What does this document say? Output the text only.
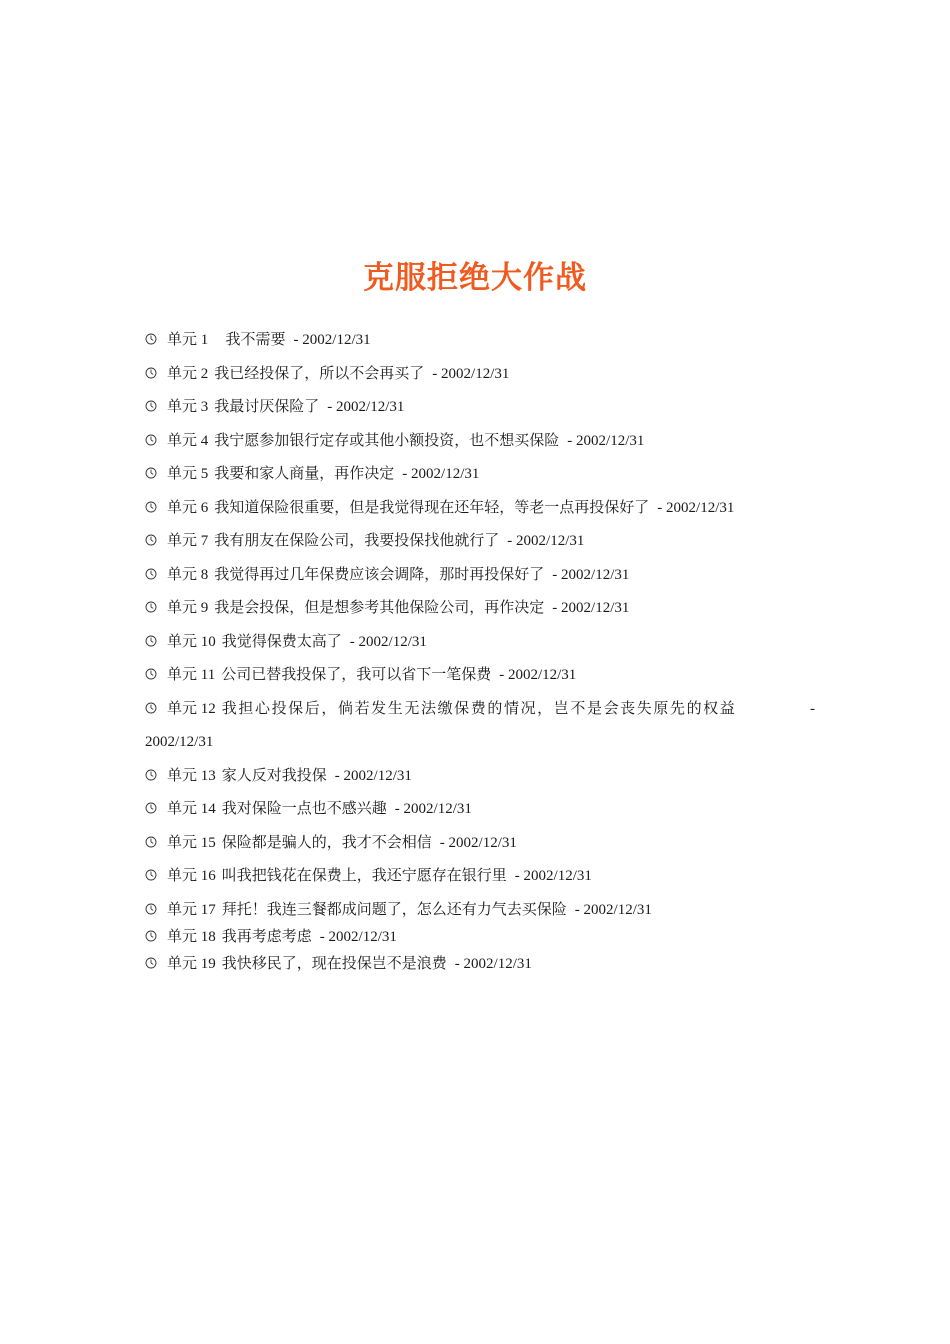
克服拒绝大作战
单元 1   我不需要 - 2002/12/31
单元 2 我已经投保了，所以不会再买了 - 2002/12/31
单元 3 我最讨厌保险了 - 2002/12/31
单元 4 我宁愿参加银行定存或其他小额投资，也不想买保险 - 2002/12/31
单元 5 我要和家人商量，再作决定 - 2002/12/31
单元 6 我知道保险很重要，但是我觉得现在还年轻，等老一点再投保好了 - 2002/12/31
单元 7 我有朋友在保险公司，我要投保找他就行了 - 2002/12/31
单元 8 我觉得再过几年保费应该会调降，那时再投保好了 - 2002/12/31
单元 9 我是会投保，但是想参考其他保险公司，再作决定 - 2002/12/31
单元 10 我觉得保费太高了 - 2002/12/31
单元 11 公司已替我投保了，我可以省下一笔保费 - 2002/12/31
单元 12 我担心投保后，倘若发生无法缴保费的情况，岂不是会丧失原先的权益	-
2002/12/31
单元 13 家人反对我投保 - 2002/12/31
单元 14 我对保险一点也不感兴趣 - 2002/12/31
单元 15 保险都是骗人的，我才不会相信 - 2002/12/31
单元 16 叫我把钱花在保费上，我还宁愿存在银行里 - 2002/12/31
单元 17 拜托！我连三餐都成问题了，怎么还有力气去买保险 - 2002/12/31
单元 18 我再考虑考虑 - 2002/12/31
单元 19 我快移民了，现在投保岂不是浪费 - 2002/12/31
